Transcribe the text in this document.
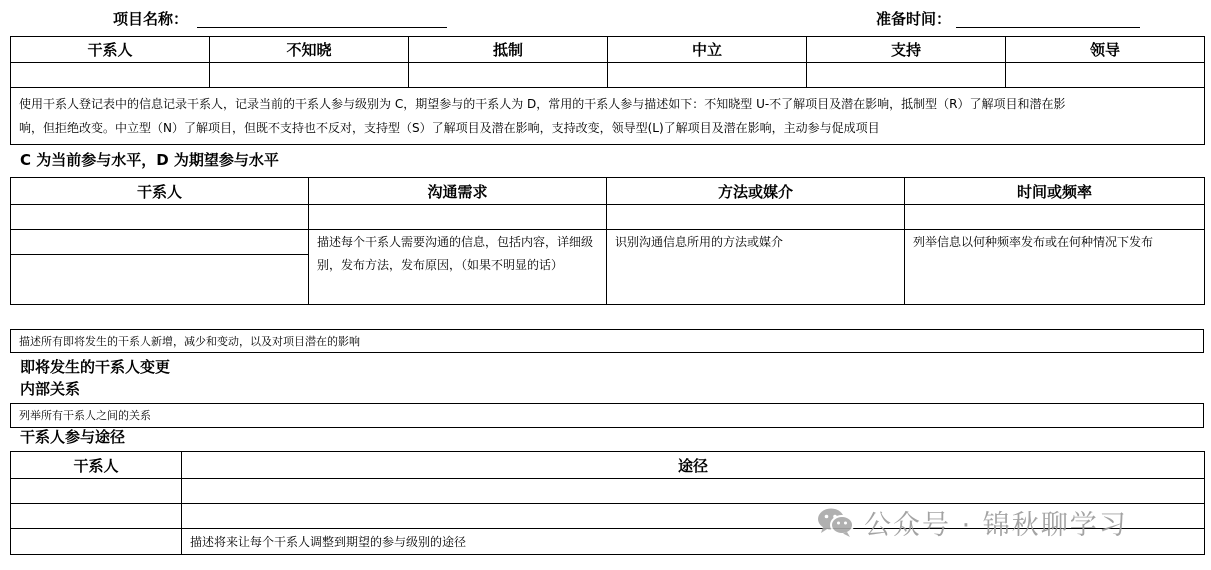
项目名称：	准备时间：
干系人	不知晓	抵制	中立	支持	领导

使用干系人登记表中的信息记录干系人，记录当前的干系人参与级别为 C，期望参与的干系人为 D，常用的干系人参与描述如下：不知晓型 U-不了解项目及潜在影响，抵制型（R）了解项目和潜在影
响，但拒绝改变。中立型（N）了解项目，但既不支持也不反对，支持型（S）了解项目及潜在影响，支持改变，领导型(L)了解项目及潜在影响，主动参与促成项目					
C 为当前参与水平，D 为期望参与水平
干系人	沟通需求	方法或媒介	时间或频率

	描述每个干系人需要沟通的信息，包括内容，详细级别，发布方法，发布原因，（如果不明显的话）	识别沟通信息所用的方法或媒介	列举信息以何种频率发布或在何种情况下发布

描述所有即将发生的干系人新增，减少和变动，以及对项目潜在的影响
即将发生的干系人变更
内部关系
列举所有干系人之间的关系
干系人参与途径
干系人	途径

	描述将来让每个干系人调整到期望的参与级别的途径
公众号 · 锦秋聊学习
